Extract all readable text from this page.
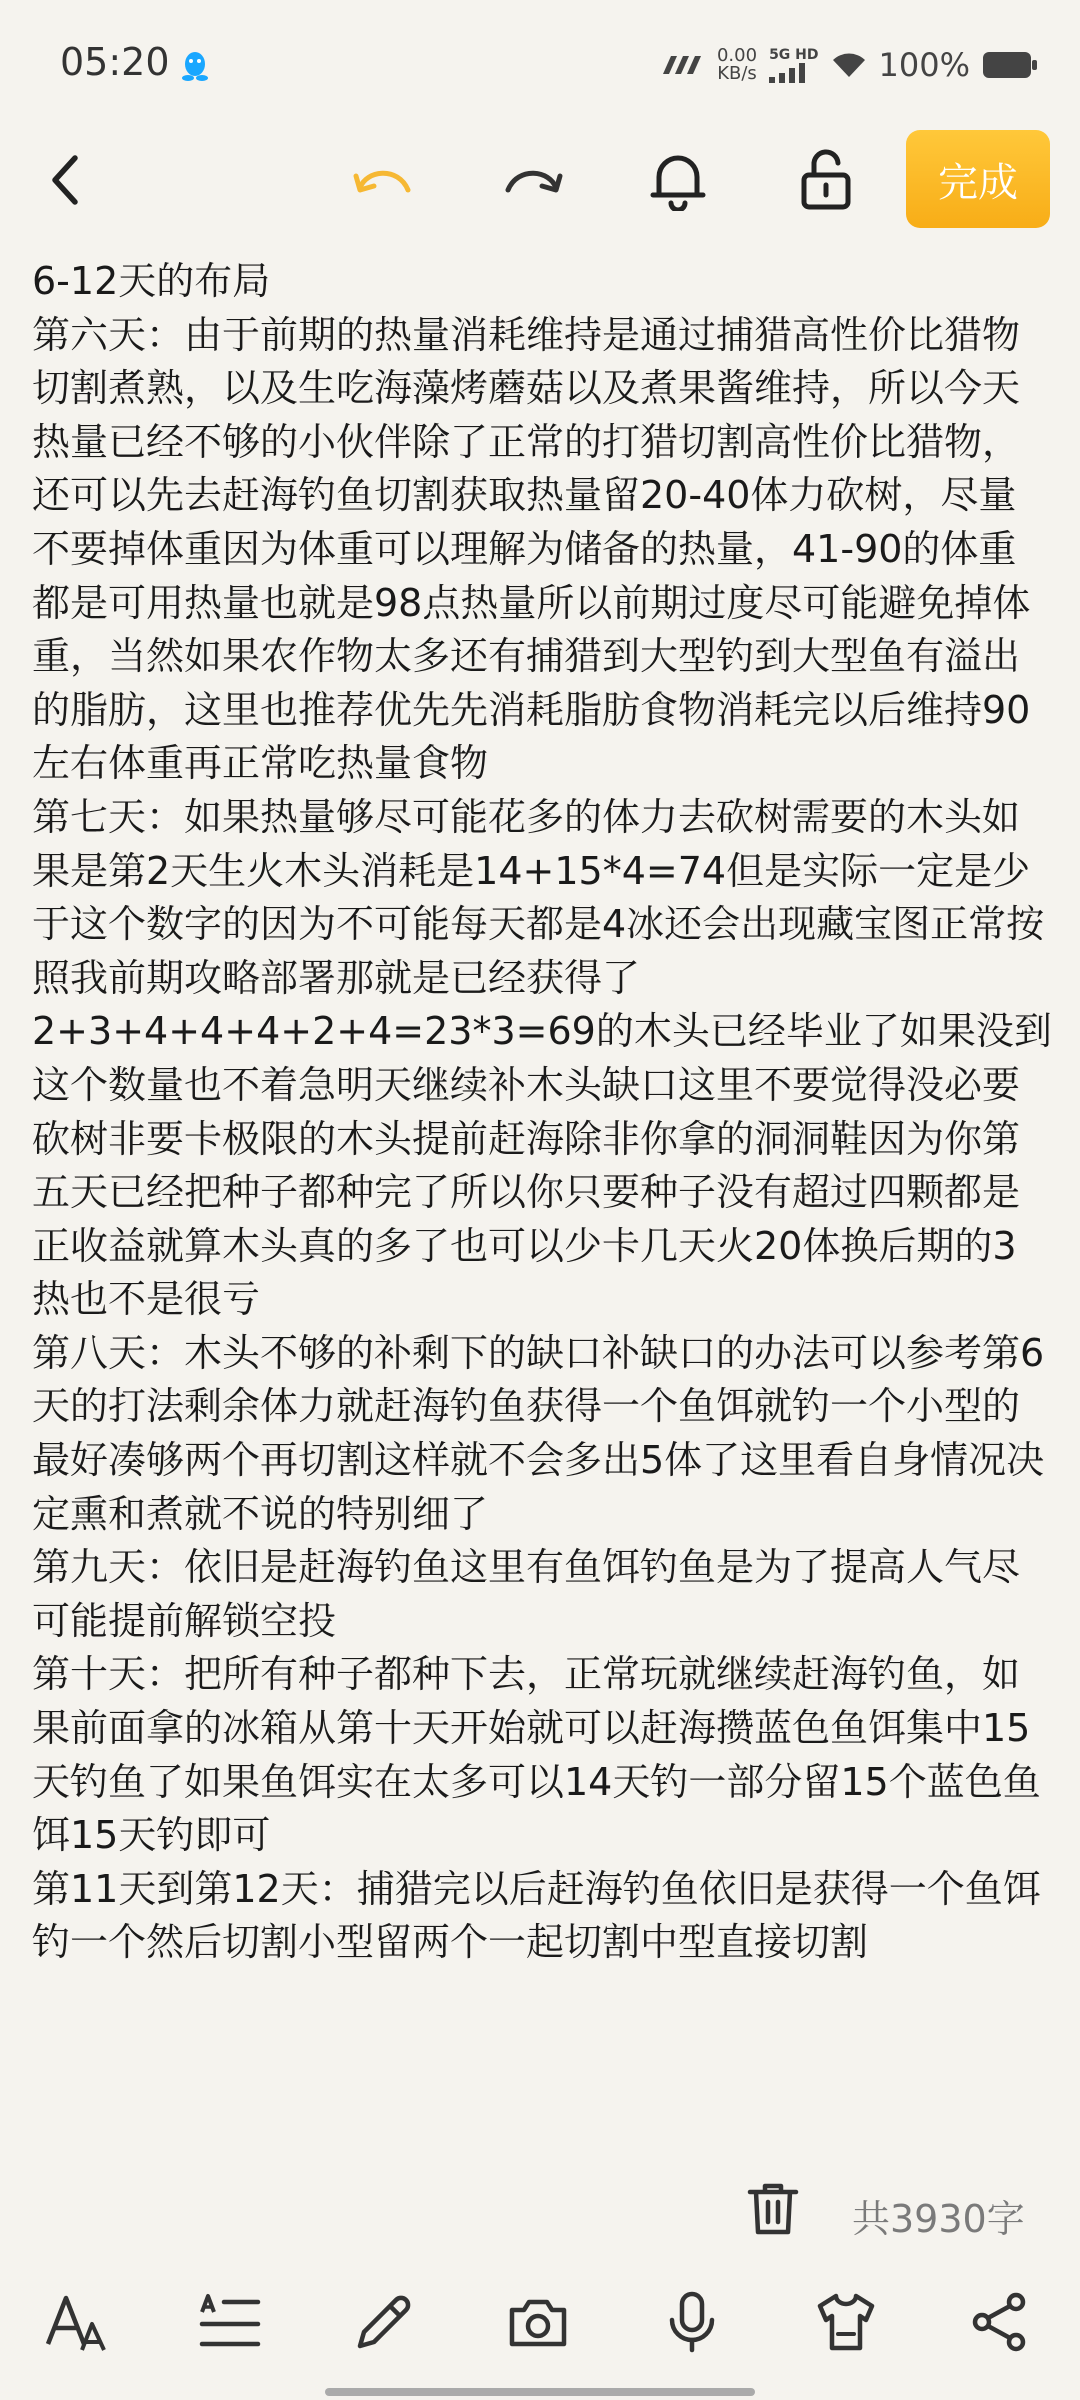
05:20	0.00
KB/s
5G HD 100%
完成

6-12天的布局

第六天：由于前期的热量消耗维持是通过捕猎高性价比猎物切割煮熟，以及生吃海藻烤蘑菇以及煮果酱维持，所以今天热量已经不够的小伙伴除了正常的打猎切割高性价比猎物，还可以先去赶海钓鱼切割获取热量留20-40体力砍树，尽量不要掉体重因为体重可以理解为储备的热量，41-90的体重都是可用热量也就是98点热量所以前期过度尽可能避免掉体重，当然如果农作物太多还有捕猎到大型钓到大型鱼有溢出的脂肪，这里也推荐优先先消耗脂肪食物消耗完以后维持90左右体重再正常吃热量食物

第七天：如果热量够尽可能花多的体力去砍树需要的木头如果是第2天生火木头消耗是14+15*4=74但是实际一定是少于这个数字的因为不可能每天都是4冰还会出现藏宝图正常按照我前期攻略部署那就是已经获得了

2+3+4+4+4+2+4=23*3=69的木头已经毕业了如果没到这个数量也不着急明天继续补木头缺口这里不要觉得没必要砍树非要卡极限的木头提前赶海除非你拿的洞洞鞋因为你第五天已经把种子都种完了所以你只要种子没有超过四颗都是正收益就算木头真的多了也可以少卡几天火20体换后期的3热也不是很亏

第八天：木头不够的补剩下的缺口补缺口的办法可以参考第6天的打法剩余体力就赶海钓鱼获得一个鱼饵就钓一个小型的最好凑够两个再切割这样就不会多出5体了这里看自身情况决定熏和煮就不说的特别细了

第九天：依旧是赶海钓鱼这里有鱼饵钓鱼是为了提高人气尽可能提前解锁空投

第十天：把所有种子都种下去，正常玩就继续赶海钓鱼，如果前面拿的冰箱从第十天开始就可以赶海攒蓝色鱼饵集中15天钓鱼了如果鱼饵实在太多可以14天钓一部分留15个蓝色鱼饵15天钓即可

第11天到第12天：捕猎完以后赶海钓鱼依旧是获得一个鱼饵钓一个然后切割小型留两个一起切割中型直接切割

共3930字
